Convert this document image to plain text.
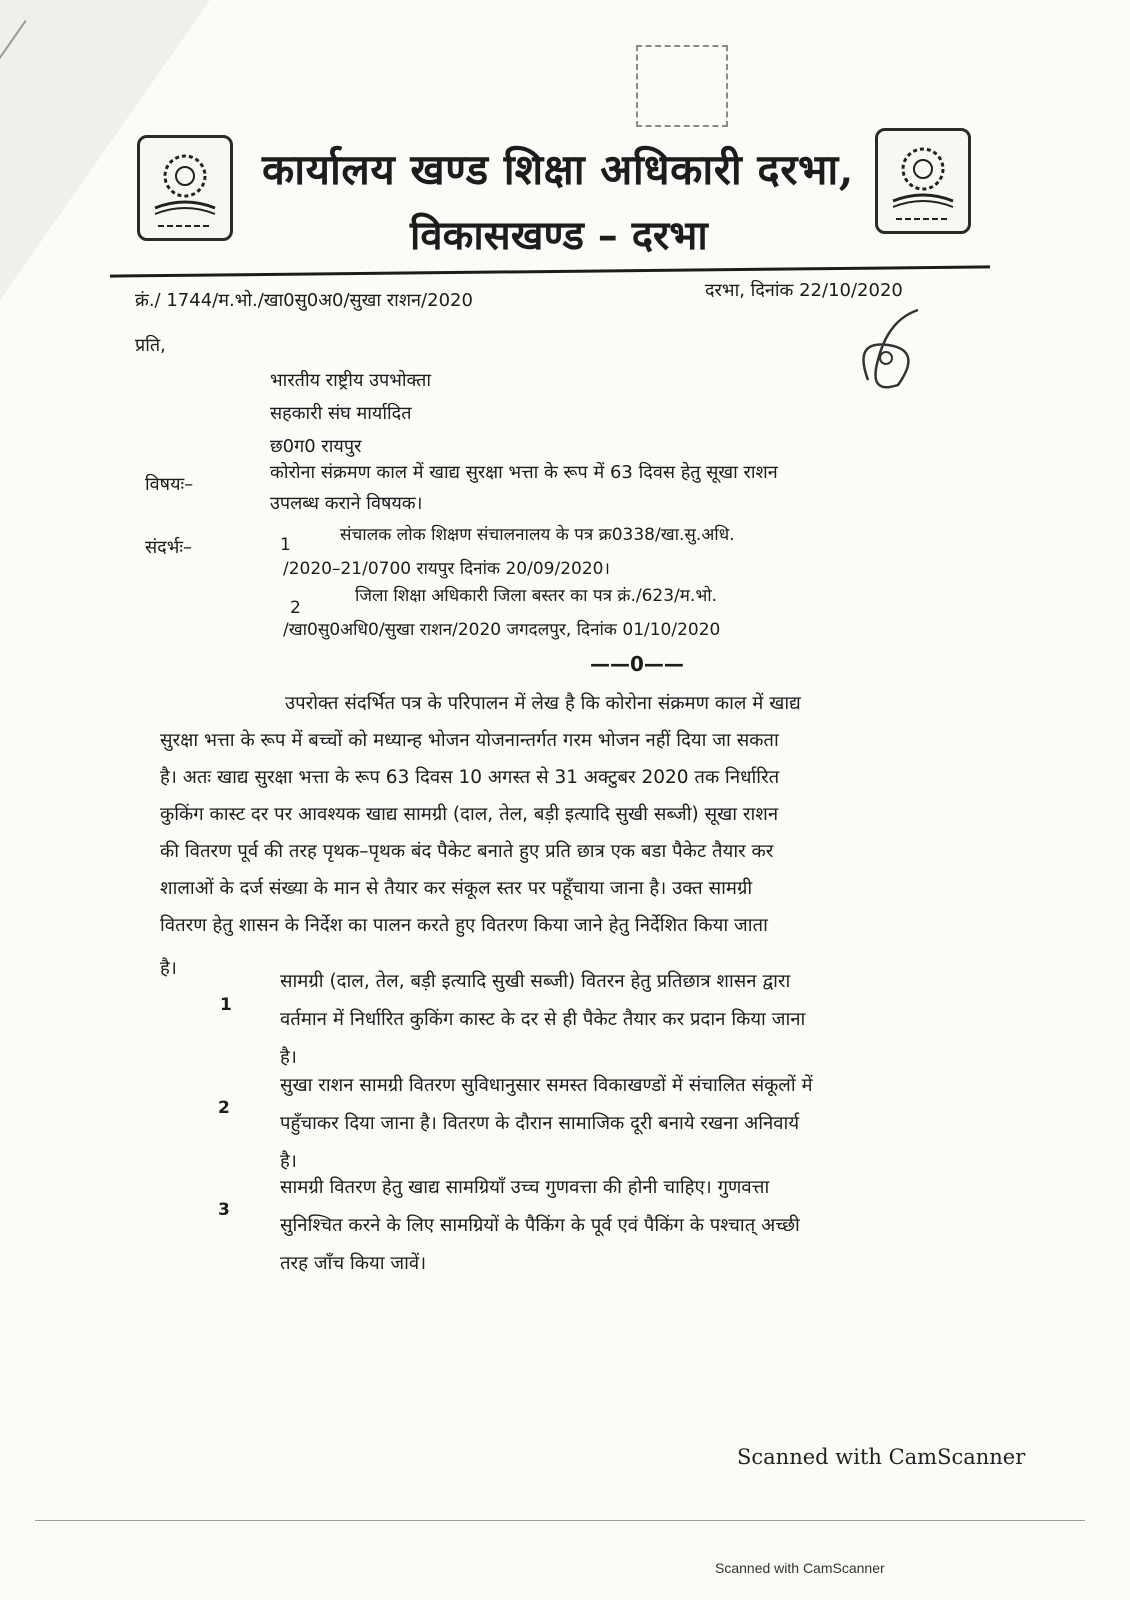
कार्यालय खण्ड शिक्षा अधिकारी दरभा,
विकासखण्ड – दरभा
क्रं./ 1744/म.भो./खा0सु0अ0/सुखा राशन/2020	दरभा, दिनांक 22/10/2020
प्रति,
भारतीय राष्ट्रीय उपभोक्ता
सहकारी संघ मार्यादित
छ0ग0 रायपुर
विषयः–
कोरोना संक्रमण काल में खाद्य सुरक्षा भत्ता के रूप में 63 दिवस हेतु सूखा राशन
उपलब्ध कराने विषयक।
संदर्भः–	1	संचालक लोक शिक्षण संचालनालय के पत्र क्र0338/खा.सु.अधि.
/2020–21/0700 रायपुर दिनांक 20/09/2020।
2
जिला शिक्षा अधिकारी जिला बस्तर का पत्र क्रं./623/म.भो.
/खा0सु0अधि0/सुखा राशन/2020 जगदलपुर, दिनांक 01/10/2020
——0——
उपरोक्त संदर्भित पत्र के परिपालन में लेख है कि कोरोना संक्रमण काल में खाद्य
सुरक्षा भत्ता के रूप में बच्चों को मध्यान्ह भोजन योजनान्तर्गत गरम भोजन नहीं दिया जा सकता
है। अतः खाद्य सुरक्षा भत्ता के रूप 63 दिवस 10 अगस्त से 31 अक्टुबर 2020 तक निर्धारित
कुकिंग कास्ट दर पर आवश्यक खाद्य सामग्री (दाल, तेल, बड़ी इत्यादि सुखी सब्जी) सूखा राशन
की वितरण पूर्व की तरह पृथक–पृथक बंद पैकेट बनाते हुए प्रति छात्र एक बडा पैकेट तैयार कर
शालाओं के दर्ज संख्या के मान से तैयार कर संकूल स्तर पर पहूँचाया जाना है। उक्त सामग्री
वितरण हेतु शासन के निर्देश का पालन करते हुए वितरण किया जाने हेतु निर्देशित किया जाता
है।
1
सामग्री (दाल, तेल, बड़ी इत्यादि सुखी सब्जी) वितरन हेतु प्रतिछात्र शासन द्वारा
वर्तमान में निर्धारित कुकिंग कास्ट के दर से ही पैकेट तैयार कर प्रदान किया जाना
है।
2
सुखा राशन सामग्री वितरण सुविधानुसार समस्त विकाखण्डों में संचालित संकूलों में
पहुँचाकर दिया जाना है। वितरण के दौरान सामाजिक दूरी बनाये रखना अनिवार्य
है।
3
सामग्री वितरण हेतु खाद्य सामग्रियाँ उच्च गुणवत्ता की होनी चाहिए। गुणवत्ता
सुनिश्चित करने के लिए सामग्रियों के पैकिंग के पूर्व एवं पैकिंग के पश्चात् अच्छी
तरह जाँच किया जावें।
Scanned with CamScanner
Scanned with CamScanner
